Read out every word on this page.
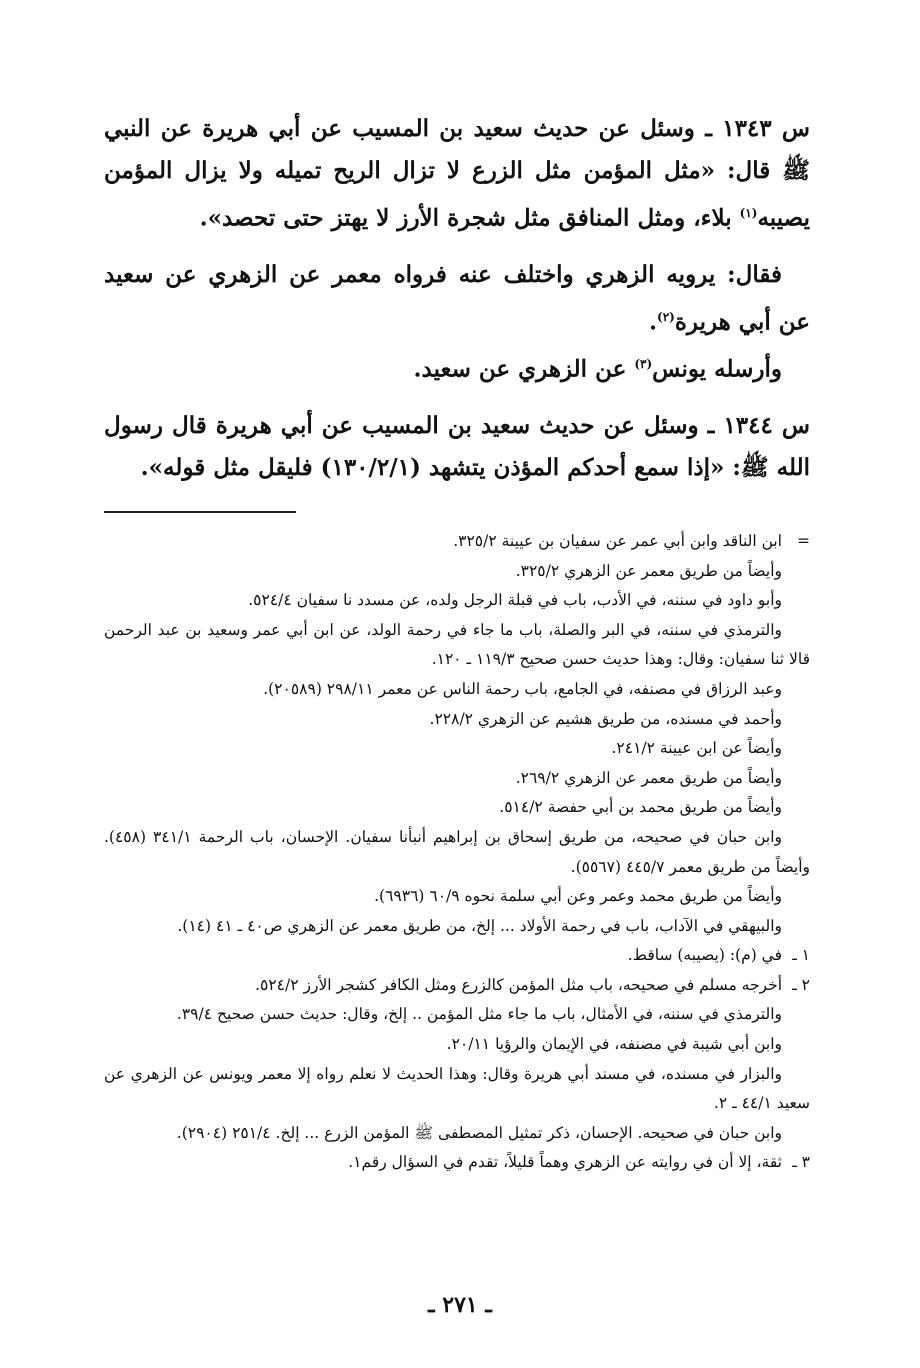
س ١٣٤٣ ـ وسئل عن حديث سعيد بن المسيب عن أبي هريرة عن النبي ﷺ قال: «مثل المؤمن مثل الزرع لا تزال الريح تميله ولا يزال المؤمن يصيبه$^{(١)}$ بلاء، ومثل المنافق مثل شجرة الأرز لا يهتز حتى تحصد».

فقال: يرويه الزهري واختلف عنه فرواه معمر عن الزهري عن سعيد عن أبي هريرة$^{(٢)}$.

وأرسله يونس$^{(٣)}$ عن الزهري عن سعيد.

س ١٣٤٤ ـ وسئل عن حديث سعيد بن المسيب عن أبي هريرة قال رسول الله ﷺ: «إذا سمع أحدكم المؤذن يتشهد (١٣٠/٢/١) فليقل مثل قوله».

=ابن الناقد وابن أبي عمر عن سفيان بن عيينة ٣٢٥/٢.
وأيضاً من طريق معمر عن الزهري ٣٢٥/٢.
وأبو داود في سننه، في الأدب، باب في قبلة الرجل ولده، عن مسدد نا سفيان ٥٢٤/٤.
والترمذي في سننه، في البر والصلة، باب ما جاء في رحمة الولد، عن ابن أبي عمر وسعيد بن عبد الرحمن قالا ثنا سفيان: وقال: وهذا حديث حسن صحيح ١١٩/٣ ـ ١٢٠.
وعبد الرزاق في مصنفه، في الجامع، باب رحمة الناس عن معمر ٢٩٨/١١ (٢٠٥٨٩).
وأحمد في مسنده، من طريق هشيم عن الزهري ٢٢٨/٢.
وأيضاً عن ابن عيينة ٢٤١/٢.
وأيضاً من طريق معمر عن الزهري ٢٦٩/٢.
وأيضاً من طريق محمد بن أبي حفصة ٥١٤/٢.
وابن حبان في صحيحه، من طريق إسحاق بن إبراهيم أنبأنا سفيان. الإحسان، باب الرحمة ٣٤١/١ (٤٥٨). وأيضاً من طريق معمر ٤٤٥/٧ (٥٥٦٧).
وأيضاً من طريق محمد وعمر وعن أبي سلمة نحوه ٦٠/٩ (٦٩٣٦).
والبيهقي في الآداب، باب في رحمة الأولاد ... إلخ، من طريق معمر عن الزهري ص٤٠ ـ ٤١ (١٤).
١ ـفي (م): (يصيبه) ساقط.
٢ ـأخرجه مسلم في صحيحه، باب مثل المؤمن كالزرع ومثل الكافر كشجر الأرز ٥٢٤/٢.
والترمذي في سننه، في الأمثال، باب ما جاء مثل المؤمن .. إلخ، وقال: حديث حسن صحيح ٣٩/٤.
وابن أبي شيبة في مصنفه، في الإيمان والرؤيا ٢٠/١١.
والبزار في مسنده، في مسند أبي هريرة وقال: وهذا الحديث لا نعلم رواه إلا معمر ويونس عن الزهري عن سعيد ٤٤/١ ـ ٢.
وابن حبان في صحيحه. الإحسان، ذكر تمثيل المصطفى ﷺ المؤمن الزرع ... إلخ. ٢٥١/٤ (٢٩٠٤).
٣ ـثقة، إلا أن في روايته عن الزهري وهماً قليلاً، تقدم في السؤال رقم١.
ـ ٢٧١ ـ
